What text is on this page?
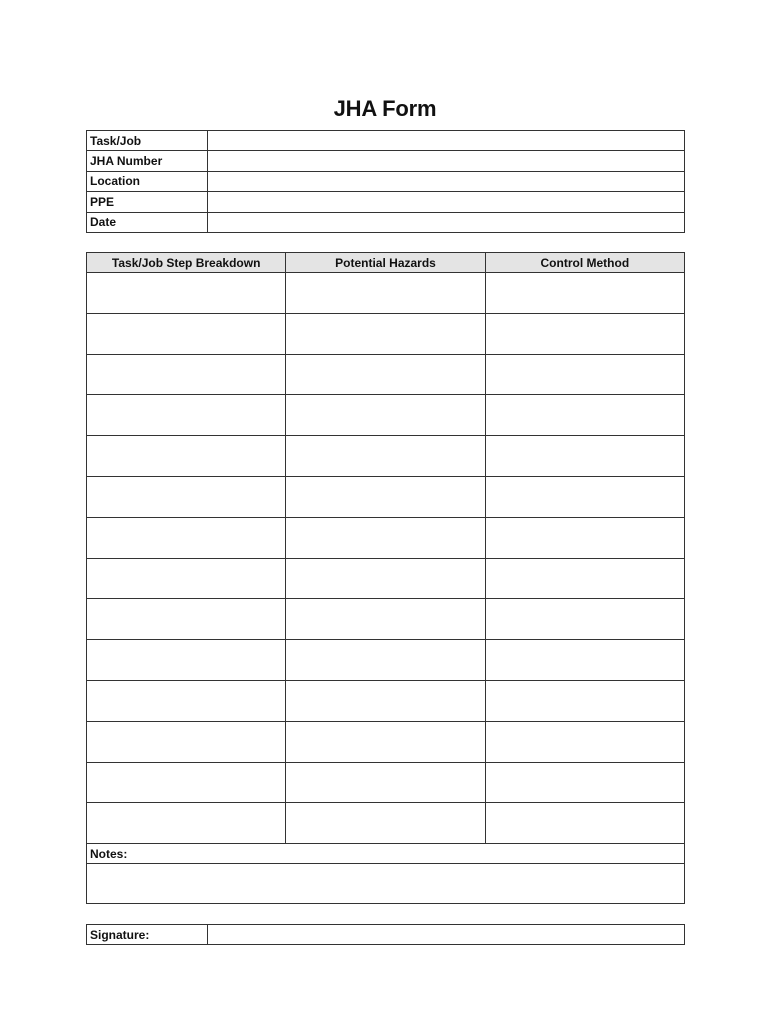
JHA Form
Task/Job	
JHA Number	
Location	
PPE	
Date	
Task/Job Step Breakdown	Potential Hazards	Control Method

Notes:		

Signature:	
